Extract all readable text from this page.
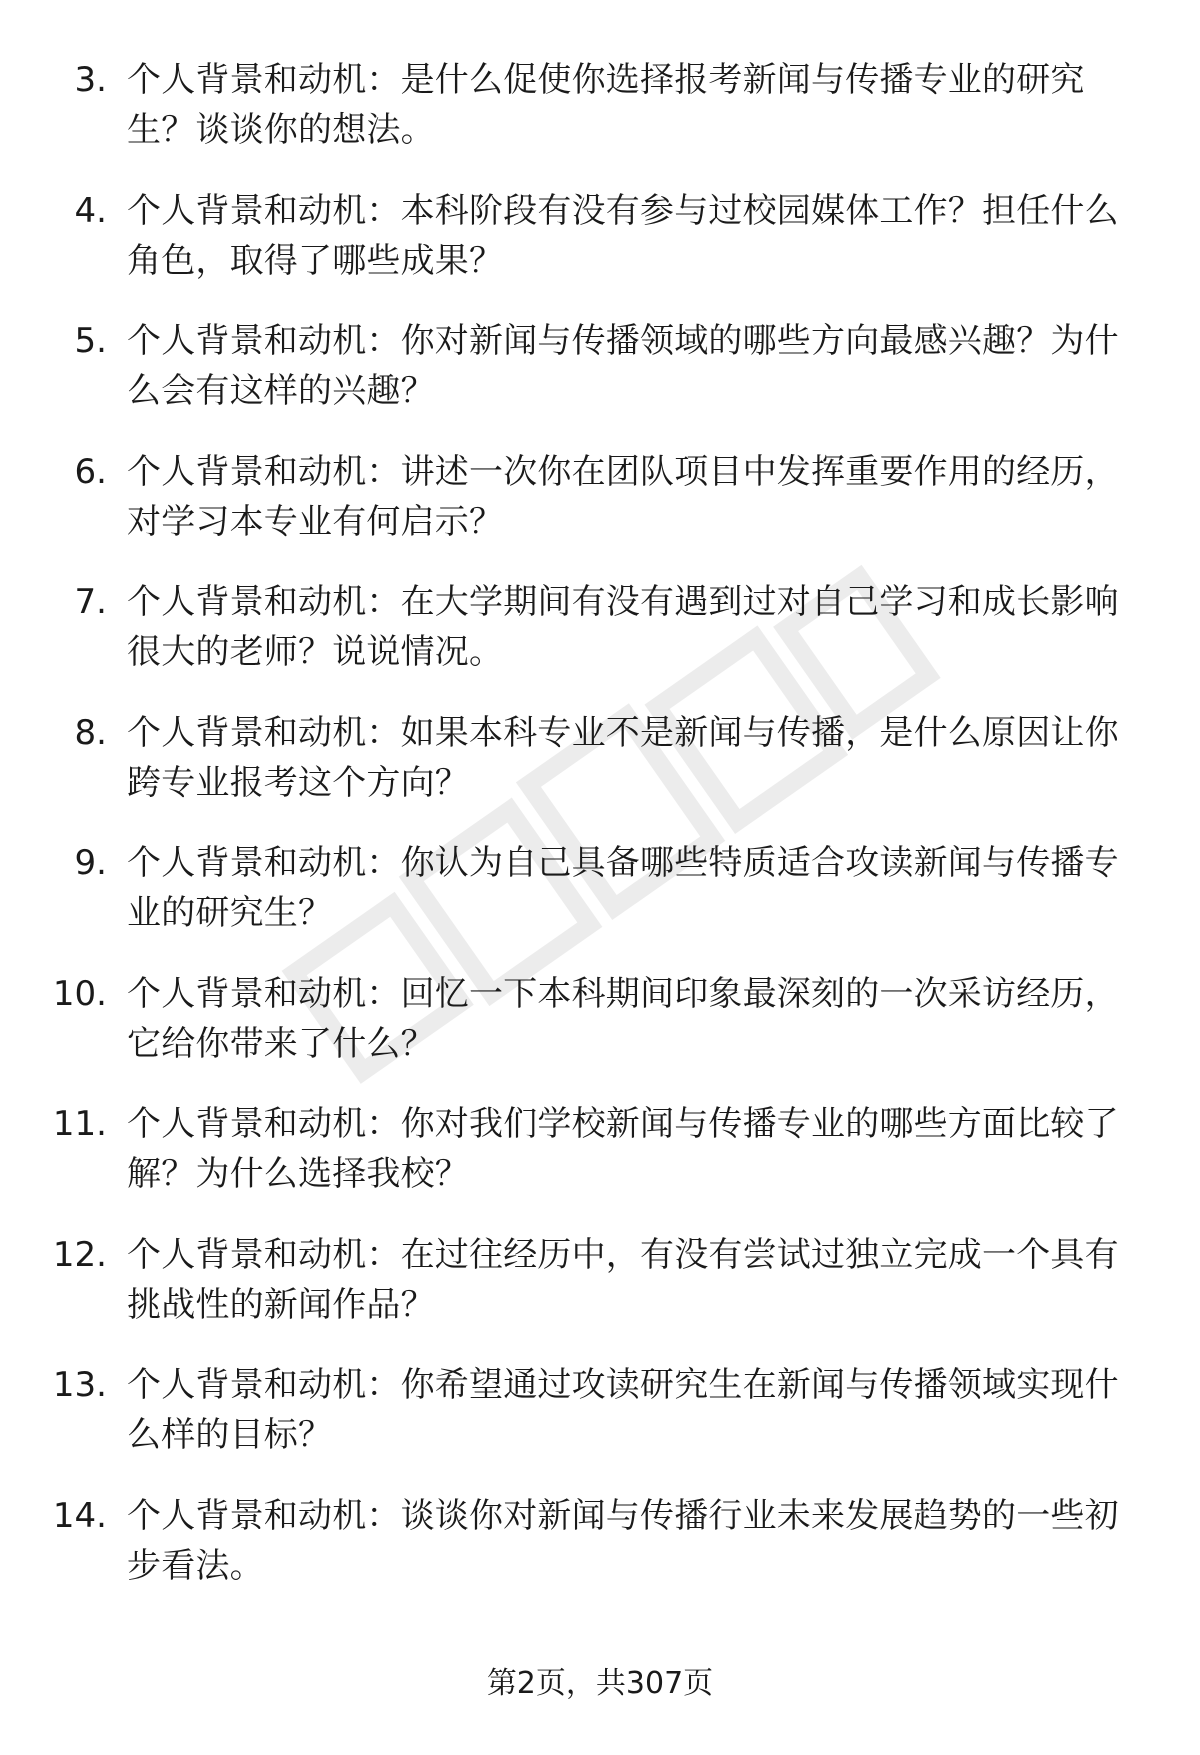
3. 个人背景和动机：是什么促使你选择报考新闻与传播专业的研究生？谈谈你的想法。
4. 个人背景和动机：本科阶段有没有参与过校园媒体工作？担任什么角色，取得了哪些成果？
5. 个人背景和动机：你对新闻与传播领域的哪些方向最感兴趣？为什么会有这样的兴趣？
6. 个人背景和动机：讲述一次你在团队项目中发挥重要作用的经历，对学习本专业有何启示？
7. 个人背景和动机：在大学期间有没有遇到过对自己学习和成长影响很大的老师？说说情况。
8. 个人背景和动机：如果本科专业不是新闻与传播，是什么原因让你跨专业报考这个方向？
9. 个人背景和动机：你认为自己具备哪些特质适合攻读新闻与传播专业的研究生？
10. 个人背景和动机：回忆一下本科期间印象最深刻的一次采访经历，它给你带来了什么？
11. 个人背景和动机：你对我们学校新闻与传播专业的哪些方面比较了解？为什么选择我校？
12. 个人背景和动机：在过往经历中，有没有尝试过独立完成一个具有挑战性的新闻作品？
13. 个人背景和动机：你希望通过攻读研究生在新闻与传播领域实现什么样的目标？
14. 个人背景和动机：谈谈你对新闻与传播行业未来发展趋势的一些初步看法。
第2页，共307页
